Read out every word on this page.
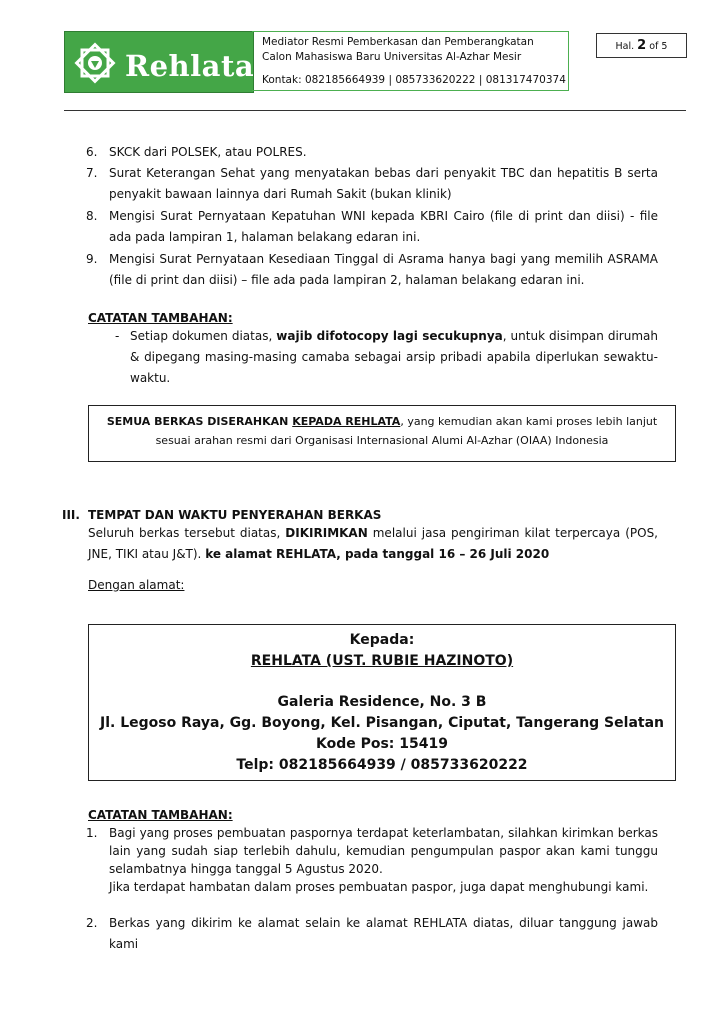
Rehlata
Mediator Resmi Pemberkasan dan Pemberangkatan
Calon Mahasiswa Baru Universitas Al-Azhar Mesir
Kontak: 082185664939 | 085733620222 | 081317470374
Hal. 2 of 5
6. SKCK dari POLSEK, atau POLRES.
7. Surat Keterangan Sehat yang menyatakan bebas dari penyakit TBC dan hepatitis B serta penyakit bawaan lainnya dari Rumah Sakit (bukan klinik)
8. Mengisi Surat Pernyataan Kepatuhan WNI kepada KBRI Cairo (file di print dan diisi) - file ada pada lampiran 1, halaman belakang edaran ini.
9. Mengisi Surat Pernyataan Kesediaan Tinggal di Asrama hanya bagi yang memilih ASRAMA (file di print dan diisi) – file ada pada lampiran 2, halaman belakang edaran ini.
CATATAN TAMBAHAN:
- Setiap dokumen diatas, wajib difotocopy lagi secukupnya, untuk disimpan dirumah & dipegang masing-masing camaba sebagai arsip pribadi apabila diperlukan sewaktu-waktu.
SEMUA BERKAS DISERAHKAN KEPADA REHLATA, yang kemudian akan kami proses lebih lanjut
sesuai arahan resmi dari Organisasi Internasional Alumi Al-Azhar (OIAA) Indonesia
III. TEMPAT DAN WAKTU PENYERAHAN BERKAS
Seluruh berkas tersebut diatas, DIKIRIMKAN melalui jasa pengiriman kilat terpercaya (POS, JNE, TIKI atau J&T). ke alamat REHLATA, pada tanggal 16 – 26 Juli 2020
Dengan alamat:
Kepada:
REHLATA (UST. RUBIE HAZINOTO)
Galeria Residence, No. 3 B
Jl. Legoso Raya, Gg. Boyong, Kel. Pisangan, Ciputat, Tangerang Selatan
Kode Pos: 15419
Telp: 082185664939 / 085733620222
CATATAN TAMBAHAN:
1. Bagi yang proses pembuatan paspornya terdapat keterlambatan, silahkan kirimkan berkas lain yang sudah siap terlebih dahulu, kemudian pengumpulan paspor akan kami tunggu selambatnya hingga tanggal 5 Agustus 2020.
Jika terdapat hambatan dalam proses pembuatan paspor, juga dapat menghubungi kami.
2. Berkas yang dikirim ke alamat selain ke alamat REHLATA diatas, diluar tanggung jawab kami
